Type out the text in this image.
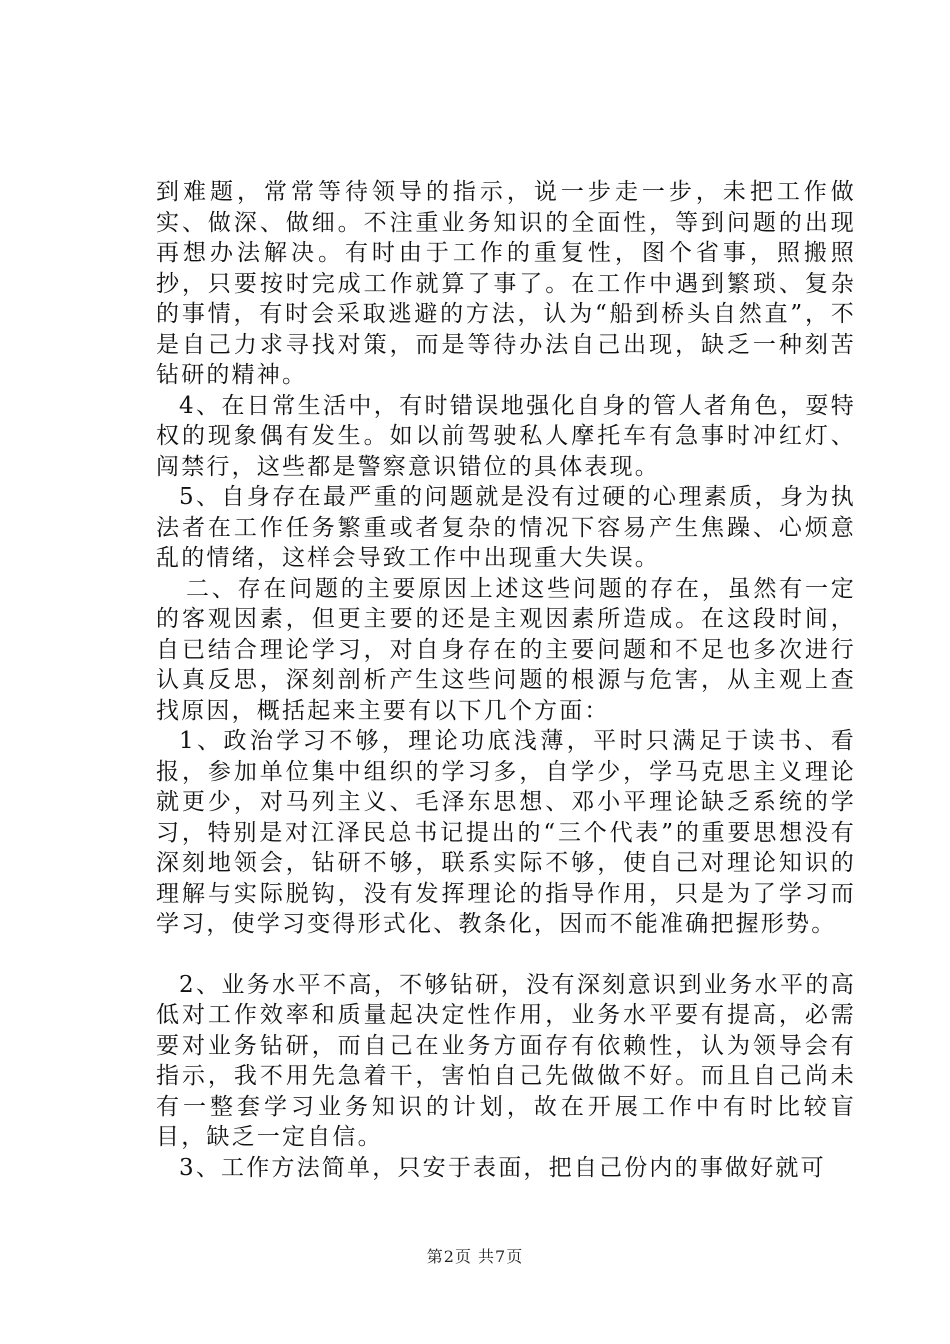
到难题，常常等待领导的指示，说一步走一步，未把工作做实、做深、做细。不注重业务知识的全面性，等到问题的出现再想办法解决。有时由于工作的重复性，图个省事，照搬照抄，只要按时完成工作就算了事了。在工作中遇到繁琐、复杂的事情，有时会采取逃避的方法，认为“船到桥头自然直”，不是自己力求寻找对策，而是等待办法自己出现，缺乏一种刻苦钻研的精神。

4、在日常生活中，有时错误地强化自身的管人者角色，耍特权的现象偶有发生。如以前驾驶私人摩托车有急事时冲红灯、闯禁行，这些都是警察意识错位的具体表现。

5、自身存在最严重的问题就是没有过硬的心理素质，身为执法者在工作任务繁重或者复杂的情况下容易产生焦躁、心烦意乱的情绪，这样会导致工作中出现重大失误。

二、存在问题的主要原因上述这些问题的存在，虽然有一定的客观因素，但更主要的还是主观因素所造成。在这段时间，自已结合理论学习，对自身存在的主要问题和不足也多次进行认真反思，深刻剖析产生这些问题的根源与危害，从主观上查找原因，概括起来主要有以下几个方面：

1、政治学习不够，理论功底浅薄，平时只满足于读书、看报，参加单位集中组织的学习多，自学少，学马克思主义理论就更少，对马列主义、毛泽东思想、邓小平理论缺乏系统的学习，特别是对江泽民总书记提出的“三个代表”的重要思想没有深刻地领会，钻研不够，联系实际不够，使自己对理论知识的理解与实际脱钩，没有发挥理论的指导作用，只是为了学习而学习，使学习变得形式化、教条化，因而不能准确把握形势。

2、业务水平不高，不够钻研，没有深刻意识到业务水平的高低对工作效率和质量起决定性作用，业务水平要有提高，必需要对业务钻研，而自己在业务方面存有依赖性，认为领导会有指示，我不用先急着干，害怕自己先做做不好。而且自己尚未有一整套学习业务知识的计划，故在开展工作中有时比较盲目，缺乏一定自信。

3、工作方法简单，只安于表面，把自己份内的事做好就可

第2页 共7页
